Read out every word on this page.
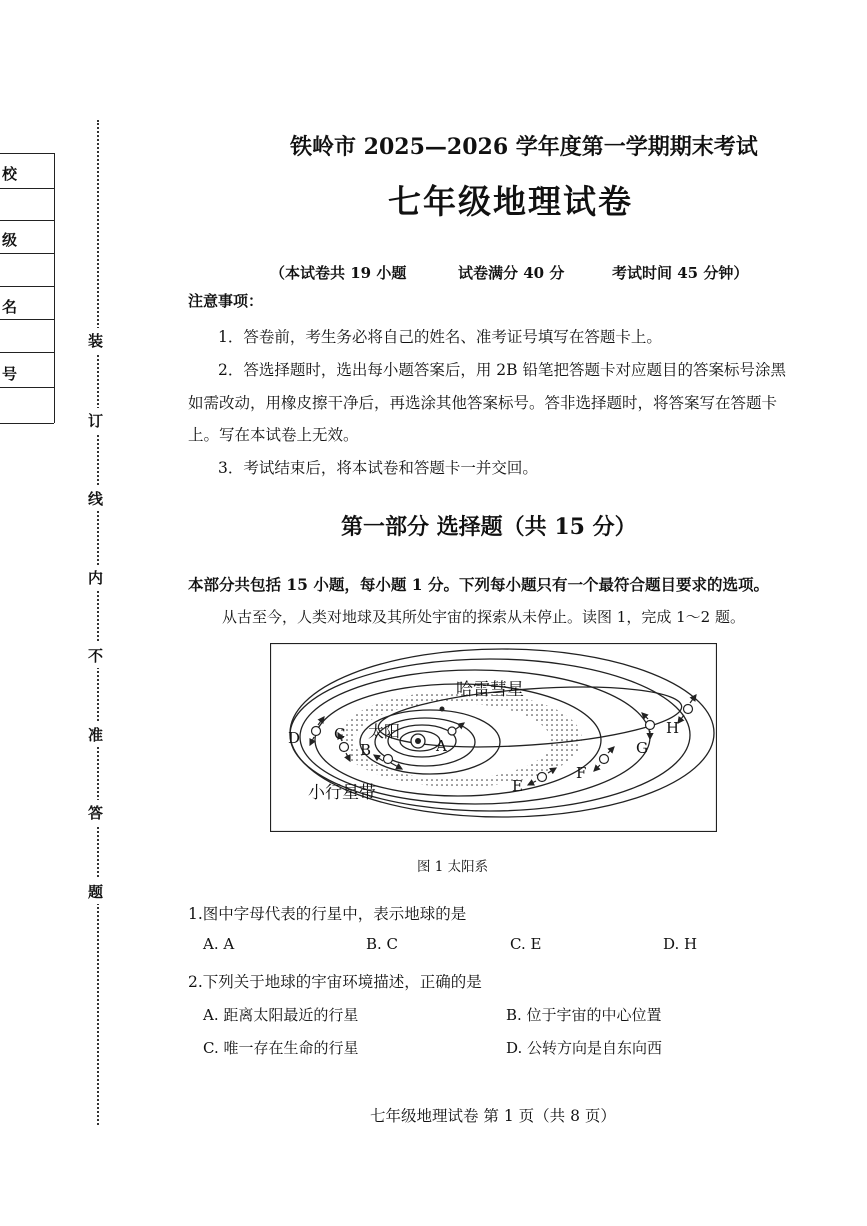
校
级
名
号
装
订
线
内
不
准
答
题
铁岭市 2025—2026 学年度第一学期期末考试
七年级地理试卷
（本试卷共 19 小题	试卷满分 40 分	考试时间 45 分钟）
注意事项：
1．答卷前，考生务必将自己的姓名、准考证号填写在答题卡上。
2．答选择题时，选出每小题答案后，用 2B 铅笔把答题卡对应题目的答案标号涂黑
如需改动，用橡皮擦干净后，再选涂其他答案标号。答非选择题时，将答案写在答题卡
上。写在本试卷上无效。
3．考试结束后，将本试卷和答题卡一并交回。
第一部分 选择题（共 15 分）
本部分共包括 15 小题，每小题 1 分。下列每小题只有一个最符合题目要求的选项。
从古至今，人类对地球及其所处宇宙的探索从未停止。读图 1，完成 1～2 题。
哈雷彗星
太阳
小行星带
A
B
C
D
E
F
G
H
图 1 太阳系
1.图中字母代表的行星中，表示地球的是
A. A	B. C	C. E	D. H
2.下列关于地球的宇宙环境描述，正确的是
A. 距离太阳最近的行星	B. 位于宇宙的中心位置
C. 唯一存在生命的行星	D. 公转方向是自东向西
七年级地理试卷 第 1 页（共 8 页）
